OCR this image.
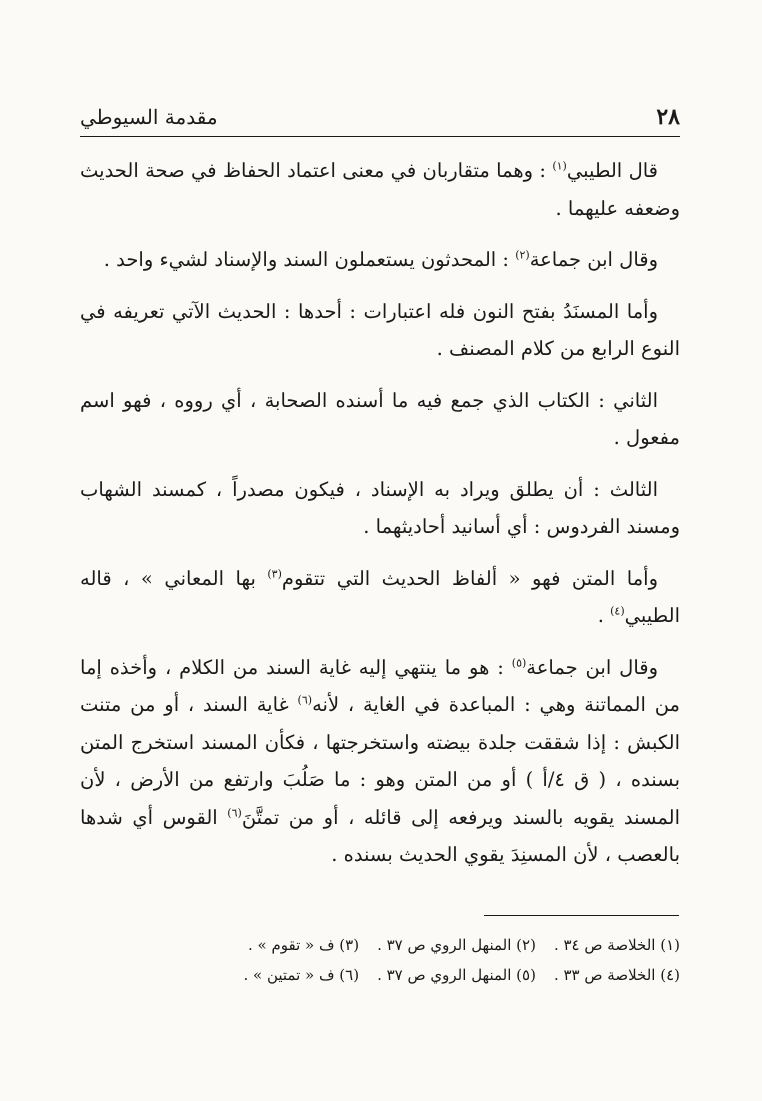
٢٨
مقدمة السيوطي

قال الطيبي$^{(١)}$ : وهما متقاربان في معنى اعتماد الحفاظ في صحة الحديث وضعفه عليهما .

وقال ابن جماعة$^{(٢)}$ : المحدثون يستعملون السند والإسناد لشيء واحد .

وأما المسنَدُ بفتح النون فله اعتبارات : أحدها : الحديث الآتي تعريفه في النوع الرابع من كلام المصنف .

الثاني : الكتاب الذي جمع فيه ما أسنده الصحابة ، أي رووه ، فهو اسم مفعول .

الثالث : أن يطلق ويراد به الإسناد ، فيكون مصدراً ، كمسند الشهاب ومسند الفردوس : أي أسانيد أحاديثهما .

وأما المتن فهو « ألفاظ الحديث التي تتقوم$^{(٣)}$ بها المعاني » ، قاله الطيبي$^{(٤)}$ .

وقال ابن جماعة$^{(٥)}$ : هو ما ينتهي إليه غاية السند من الكلام ، وأخذه إما من المماتنة وهي : المباعدة في الغاية ، لأنه$^{(٦)}$ غاية السند ، أو من متنت الكبش : إذا شققت جلدة بيضته واستخرجتها ، فكأن المسند استخرج المتن بسنده ، ( ق ٤/أ ) أو من المتن وهو : ما صَلُبَ وارتفع من الأرض ، لأن المسند يقويه بالسند ويرفعه إلى قائله ، أو من تمتَّنَ$^{(٦)}$ القوس أي شدها بالعصب ، لأن المسنِدَ يقوي الحديث بسنده .

(١) الخلاصة ص ٣٤ .
(٢) المنهل الروي ص ٣٧ .
(٣) ف « تقوم » .
(٤) الخلاصة ص ٣٣ .
(٥) المنهل الروي ص ٣٧ .
(٦) ف « تمتين » .
